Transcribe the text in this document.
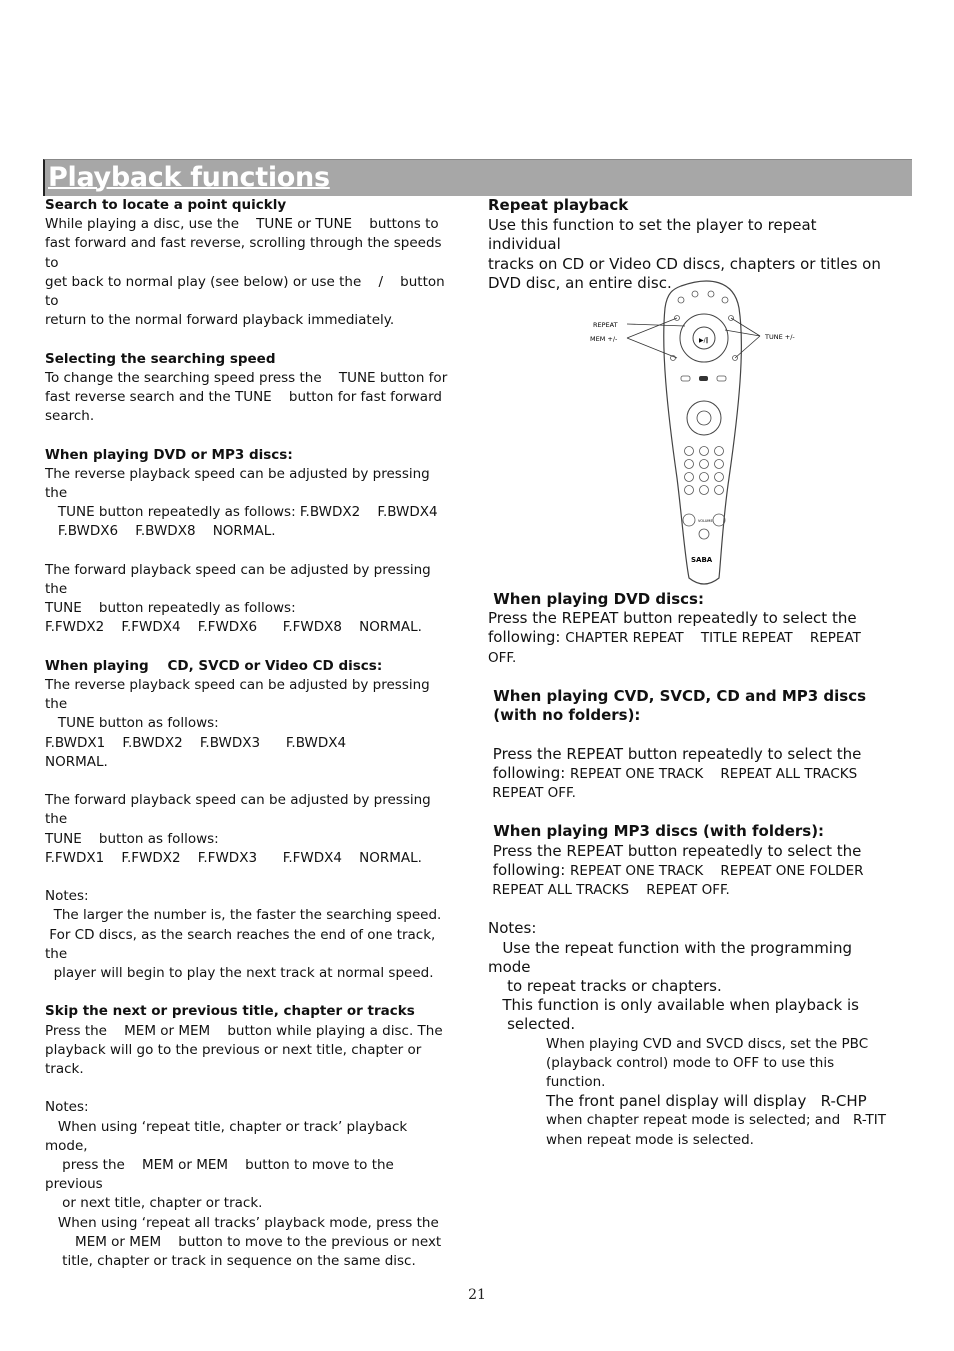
Playback functions

Search to locate a point quickly

While playing a disc, use the    TUNE or TUNE    buttons to

fast forward and fast reverse, scrolling through the speeds to

get back to normal play (see below) or use the    /    button to

return to the normal forward playback immediately.

Selecting the searching speed

To change the searching speed press the    TUNE button for

fast reverse search and the TUNE    button for fast forward

search.

When playing DVD or MP3 discs:

The reverse playback speed can be adjusted by pressing the

TUNE button repeatedly as follows: F.BWDX2    F.BWDX4

F.BWDX6    F.BWDX8    NORMAL.

The forward playback speed can be adjusted by pressing the

TUNE    button repeatedly as follows:

F.FWDX2    F.FWDX4    F.FWDX6      F.FWDX8    NORMAL.

When playing    CD, SVCD or Video CD discs:

The reverse playback speed can be adjusted by pressing the

TUNE button as follows:

F.BWDX1    F.BWDX2    F.BWDX3      F.BWDX4

NORMAL.

The forward playback speed can be adjusted by pressing the

TUNE    button as follows:

F.FWDX1    F.FWDX2    F.FWDX3      F.FWDX4    NORMAL.

Notes:

The larger the number is, the faster the searching speed.

For CD discs, as the search reaches the end of one track, the

player will begin to play the next track at normal speed.

Skip the next or previous title, chapter or tracks

Press the    MEM or MEM    button while playing a disc. The

playback will go to the previous or next title, chapter or track.

Notes:

When using ‘repeat title, chapter or track’ playback mode,

press the    MEM or MEM    button to move to the previous

or next title, chapter or track.

When using ‘repeat all tracks’ playback mode, press the

MEM or MEM    button to move to the previous or next

title, chapter or track in sequence on the same disc.

Repeat playback

Use this function to set the player to repeat individual

tracks on CD or Video CD discs, chapters or titles on

DVD disc, an entire disc.

▶/‖
VOLUME
SABA
REPEAT
MEM +/-	TUNE +/-

When playing DVD discs:

Press the REPEAT button repeatedly to select the

following: CHAPTER REPEAT    TITLE REPEAT    REPEAT

OFF.

When playing CVD, SVCD, CD and MP3 discs

(with no folders):

Press the REPEAT button repeatedly to select the

following: REPEAT ONE TRACK    REPEAT ALL TRACKS

REPEAT OFF.

When playing MP3 discs (with folders):

Press the REPEAT button repeatedly to select the

following: REPEAT ONE TRACK    REPEAT ONE FOLDER

REPEAT ALL TRACKS    REPEAT OFF.

Notes:

Use the repeat function with the programming mode

to repeat tracks or chapters.

This function is only available when playback is

selected.

When playing CVD and SVCD discs, set the PBC

(playback control) mode to OFF to use this function.

The front panel display will display   R-CHP

when chapter repeat mode is selected; and   R-TIT

when repeat mode is selected.

21
